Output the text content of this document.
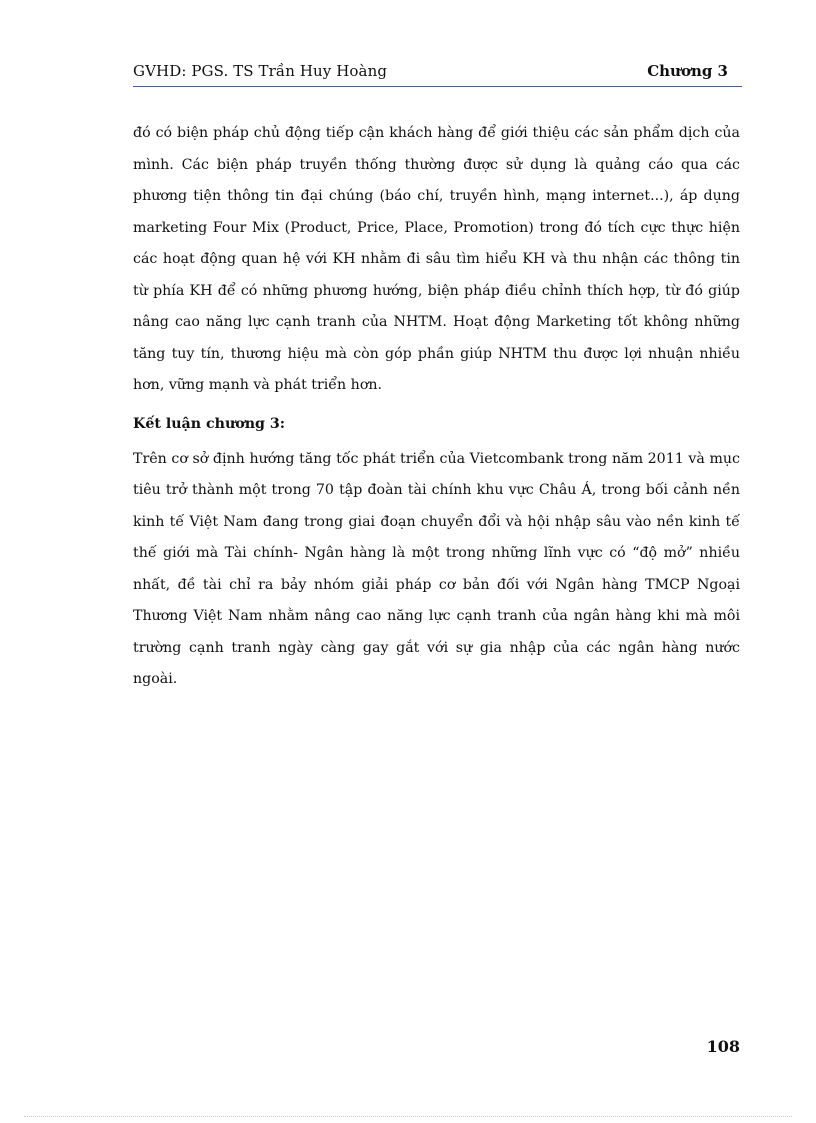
GVHD: PGS. TS Trần Huy Hoàng	Chương 3

đó có biện pháp chủ động tiếp cận khách hàng để giới thiệu các sản phẩm dịch của mình. Các biện pháp truyền thống thường được sử dụng là quảng cáo qua các phương tiện thông tin đại chúng (báo chí, truyền hình, mạng internet...), áp dụng marketing Four Mix (Product, Price, Place, Promotion) trong đó tích cực thực hiện các hoạt động quan hệ với KH nhằm đi sâu tìm hiểu KH và thu nhận các thông tin từ phía KH để có những phương hướng, biện pháp điều chỉnh thích hợp, từ đó giúp nâng cao năng lực cạnh tranh của NHTM. Hoạt động Marketing tốt không những tăng tuy tín, thương hiệu mà còn góp phần giúp NHTM thu được lợi nhuận nhiều hơn, vững mạnh và phát triển hơn.

Kết luận chương 3:

Trên cơ sở định hướng tăng tốc phát triển của Vietcombank trong năm 2011 và mục tiêu trở thành một trong 70 tập đoàn tài chính khu vực Châu Á, trong bối cảnh nền kinh tế Việt Nam đang trong giai đoạn chuyển đổi và hội nhập sâu vào nền kinh tế thế giới mà Tài chính- Ngân hàng là một trong những lĩnh vực có “độ mở” nhiều nhất, đề tài chỉ ra bảy nhóm giải pháp cơ bản đối với Ngân hàng TMCP Ngoại Thương Việt Nam nhằm nâng cao năng lực cạnh tranh của ngân hàng khi mà môi trường cạnh tranh ngày càng gay gắt với sự gia nhập của các ngân hàng nước ngoài.

108
